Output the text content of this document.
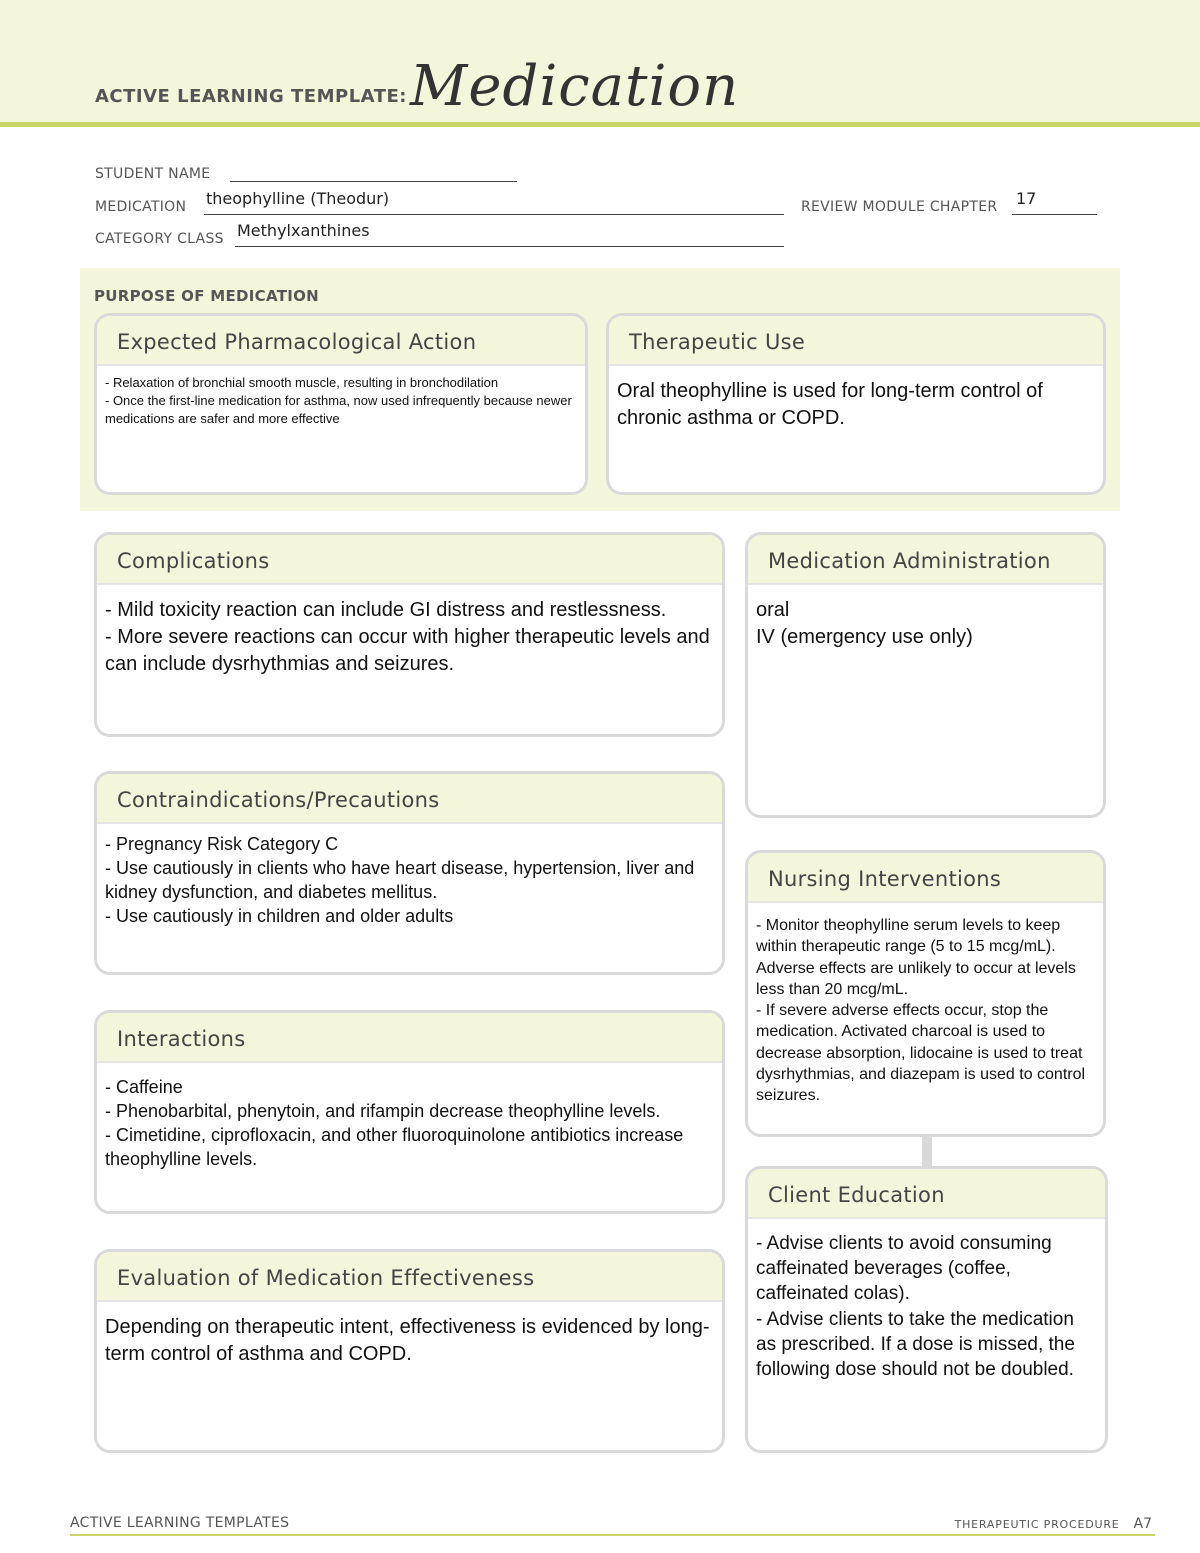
ACTIVE LEARNING TEMPLATE: Medication
STUDENT NAME
MEDICATION theophylline (Theodur)	REVIEW MODULE CHAPTER 17
CATEGORY CLASS Methylxanthines
PURPOSE OF MEDICATION
Expected Pharmacological Action

- Relaxation of bronchial smooth muscle, resulting in bronchodilation

- Once the first-line medication for asthma, now used infrequently because newer medications are safer and more effective

Therapeutic Use

Oral theophylline is used for long-term control of chronic asthma or COPD.

Complications

- Mild toxicity reaction can include GI distress and restlessness.

- More severe reactions can occur with higher therapeutic levels and can include dysrhythmias and seizures.

Medication Administration

oral

IV (emergency use only)

Contraindications/Precautions

- Pregnancy Risk Category C

- Use cautiously in clients who have heart disease, hypertension, liver and kidney dysfunction, and diabetes mellitus.

- Use cautiously in children and older adults

Nursing Interventions

- Monitor theophylline serum levels to keep within therapeutic range (5 to 15 mcg/mL). Adverse effects are unlikely to occur at levels less than 20 mcg/mL.

- If severe adverse effects occur, stop the medication. Activated charcoal is used to decrease absorption, lidocaine is used to treat dysrhythmias, and diazepam is used to control seizures.

Interactions

- Caffeine

- Phenobarbital, phenytoin, and rifampin decrease theophylline levels.

- Cimetidine, ciprofloxacin, and other fluoroquinolone antibiotics increase theophylline levels.

Client Education

- Advise clients to avoid consuming caffeinated beverages (coffee, caffeinated colas).

- Advise clients to take the medication as prescribed. If a dose is missed, the following dose should not be doubled.

Evaluation of Medication Effectiveness

Depending on therapeutic intent, effectiveness is evidenced by long-term control of asthma and COPD.

ACTIVE LEARNING TEMPLATES	THERAPEUTIC PROCEDURE A7
